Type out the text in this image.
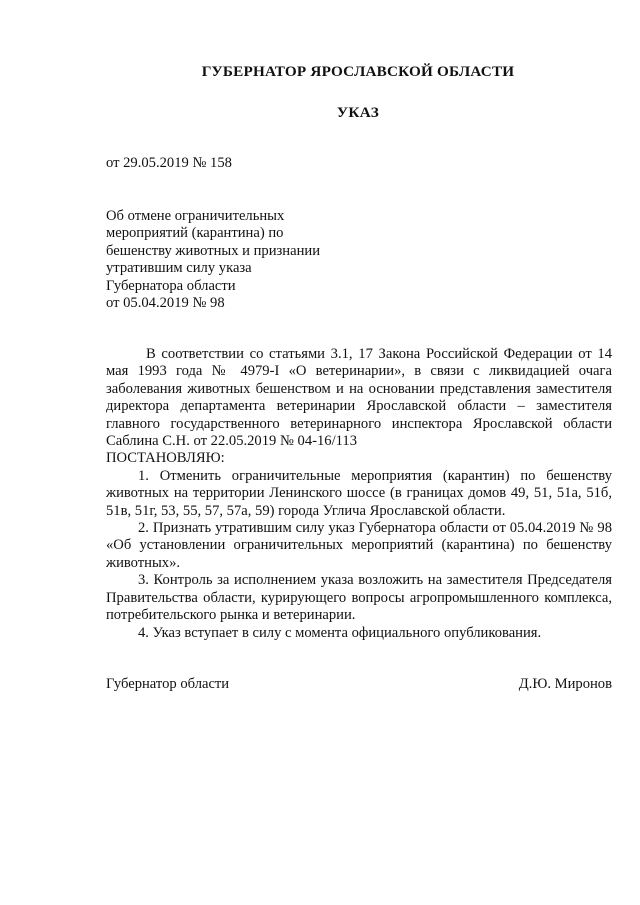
ГУБЕРНАТОР ЯРОСЛАВСКОЙ ОБЛАСТИ
УКАЗ
от 29.05.2019 № 158
Об отмене ограничительных
мероприятий (карантина) по
бешенству животных и признании
утратившим силу указа
Губернатора области
от 05.04.2019 № 98
В соответствии со статьями 3.1, 17 Закона Российской Федерации от 14 мая 1993 года № 4979-I «О ветеринарии», в связи с ликвидацией очага заболевания животных бешенством и на основании представления заместителя директора департамента ветеринарии Ярославской области – заместителя главного государственного ветеринарного инспектора Ярославской области Саблина С.Н. от 22.05.2019 № 04-16/113
ПОСТАНОВЛЯЮ:
1. Отменить ограничительные мероприятия (карантин) по бешенству животных на территории Ленинского шоссе (в границах домов 49, 51, 51а, 51б, 51в, 51г, 53, 55, 57, 57а, 59) города Углича Ярославской области.
2. Признать утратившим силу указ Губернатора области от 05.04.2019 № 98 «Об установлении ограничительных мероприятий (карантина) по бешенству животных».
3. Контроль за исполнением указа возложить на заместителя Председателя Правительства области, курирующего вопросы агропромышленного комплекса, потребительского рынка и ветеринарии.
4. Указ вступает в силу с момента официального опубликования.
Губернатор области	Д.Ю. Миронов
